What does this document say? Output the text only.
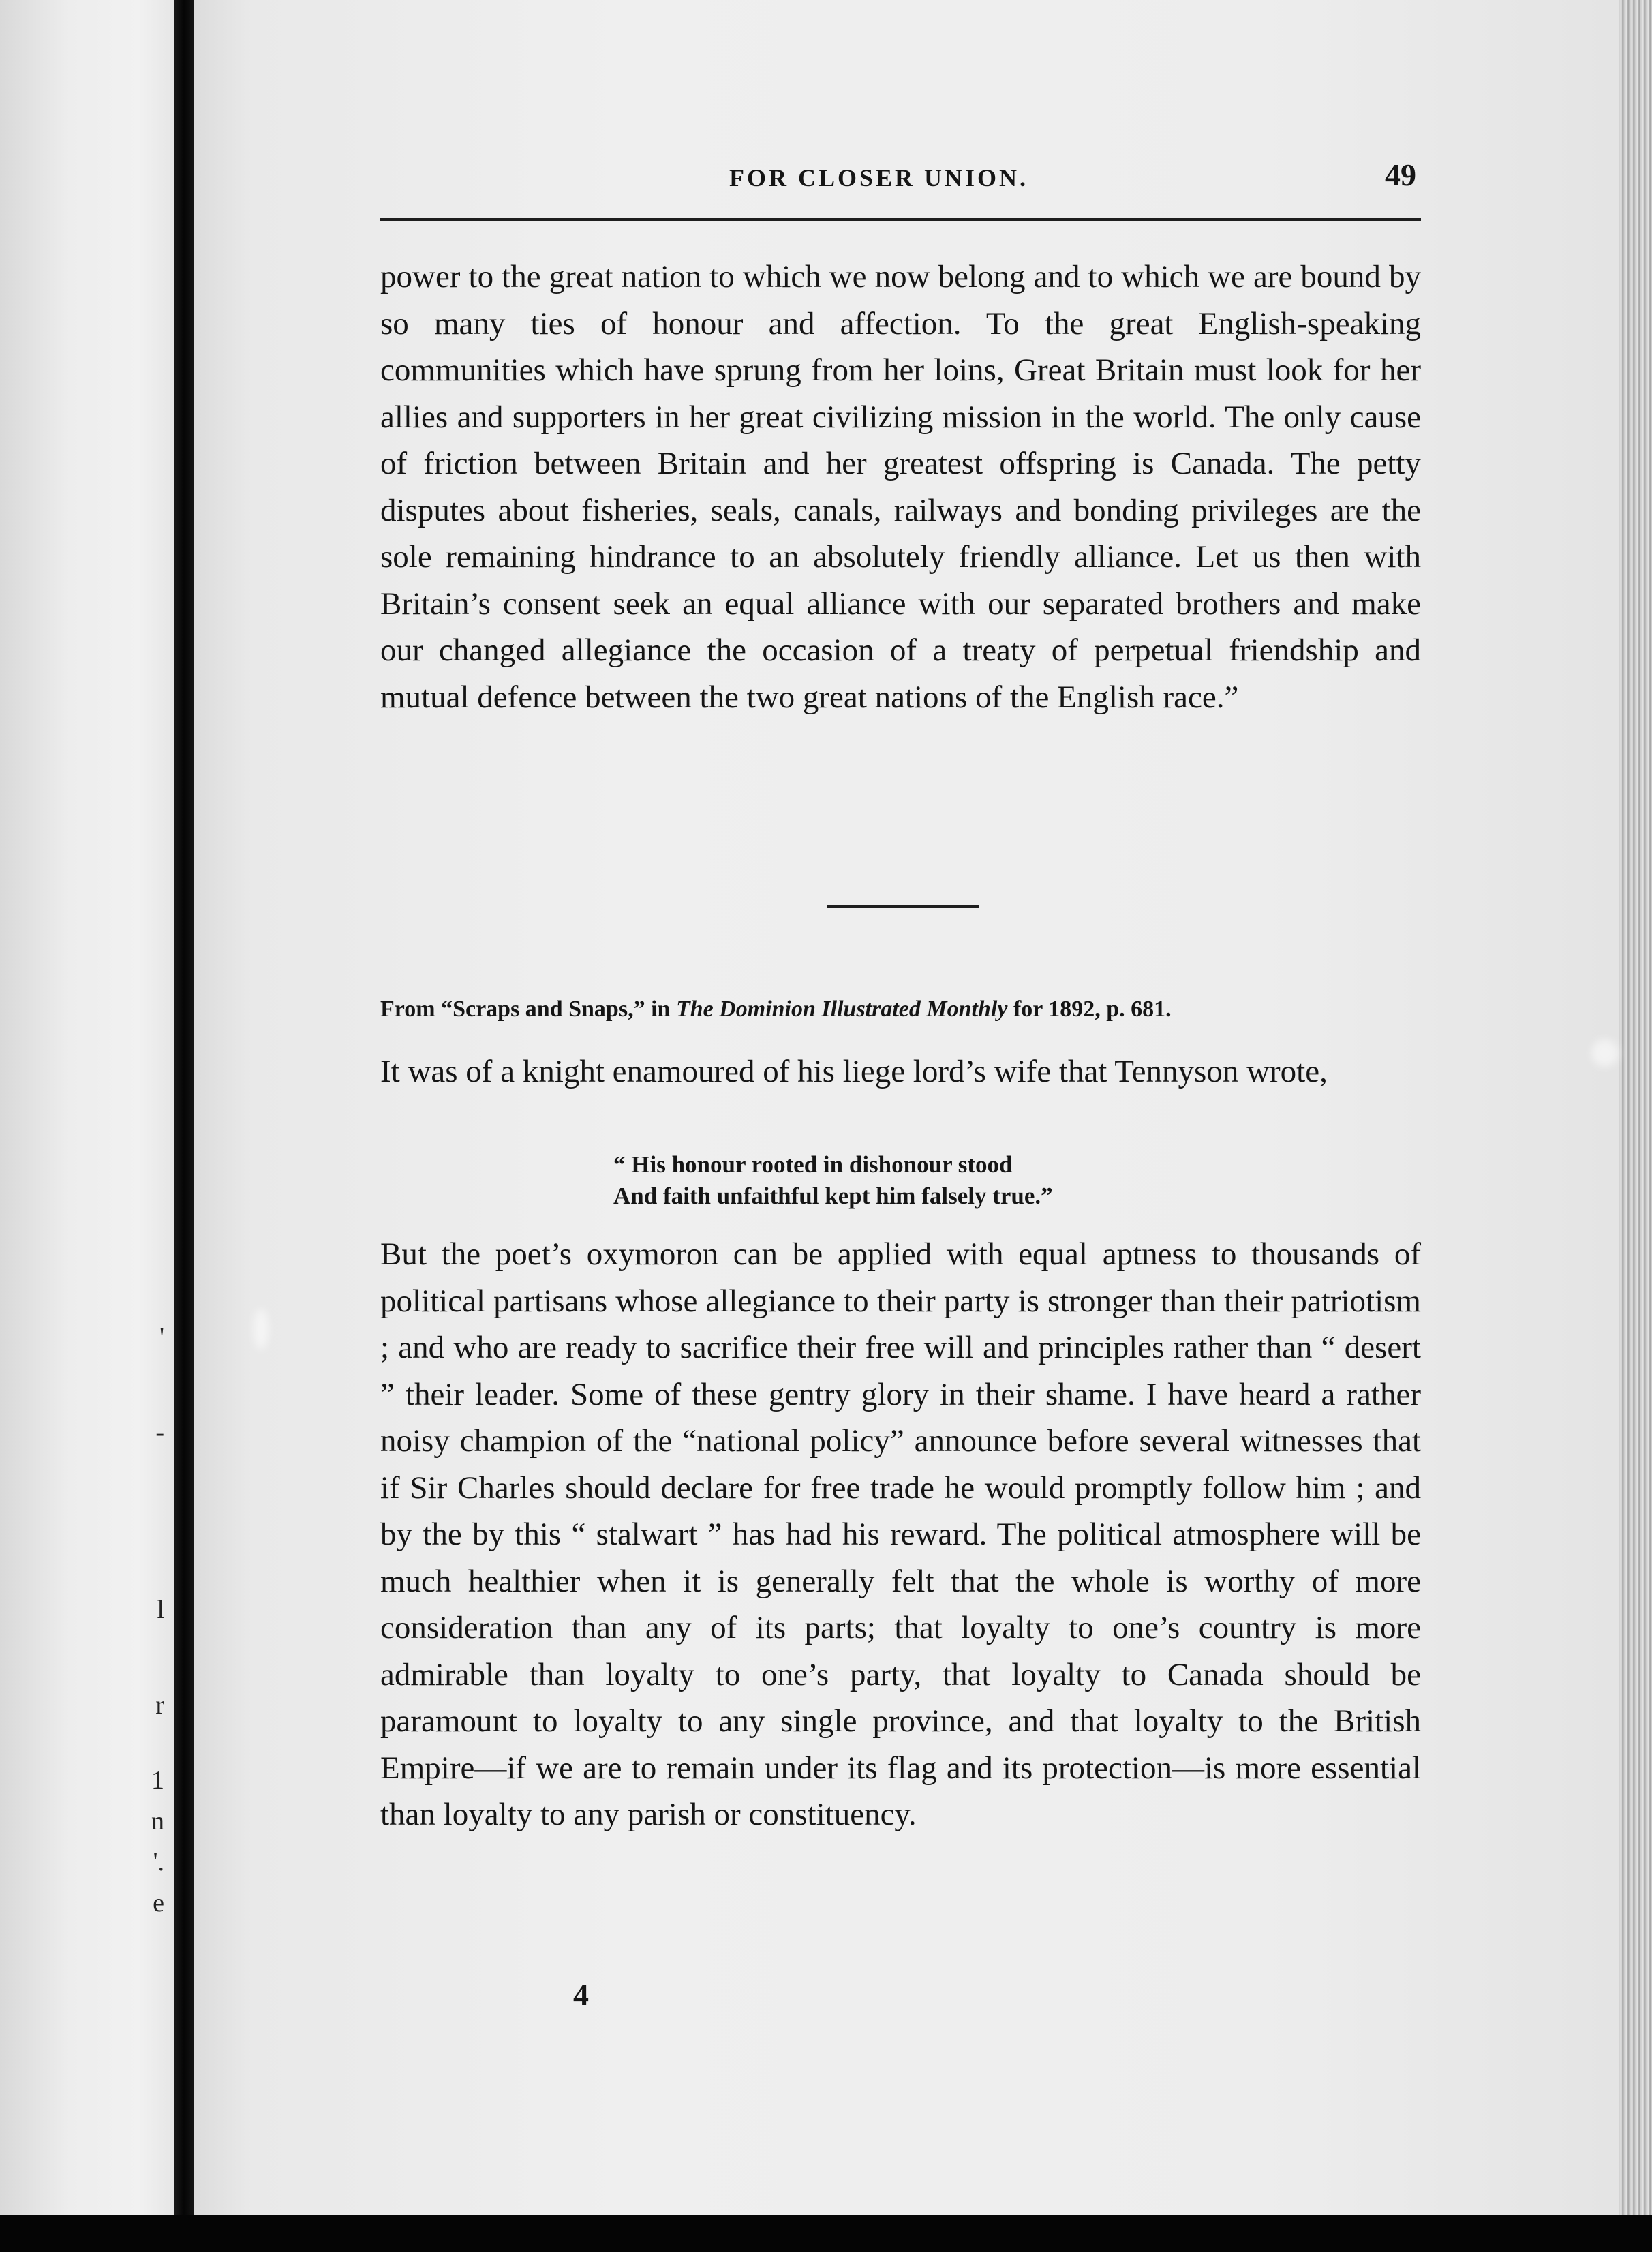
'
-
l
r
1
n
'.
e
FOR CLOSER UNION.	49

power to the great nation to which we now belong and to which we are bound by so many ties of honour and affection. To the great English-speaking communities which have sprung from her loins, Great Britain must look for her allies and supporters in her great civilizing mission in the world. The only cause of friction between Britain and her greatest offspring is Canada. The petty disputes about fisheries, seals, canals, railways and bonding privileges are the sole remaining hindrance to an absolutely friendly alliance. Let us then with Britain’s consent seek an equal alliance with our separated brothers and make our changed allegiance the occasion of a treaty of perpetual friendship and mutual defence between the two great nations of the English race.”

From “Scraps and Snaps,” in The Dominion Illustrated Monthly for 1892, p. 681.

It was of a knight enamoured of his liege lord’s wife that Tennyson wrote,

“ His honour rooted in dishonour stood
And faith unfaithful kept him falsely true.”

But the poet’s oxymoron can be applied with equal aptness to thousands of political partisans whose allegiance to their party is stronger than their patriotism ; and who are ready to sacrifice their free will and principles rather than “ desert ” their leader. Some of these gentry glory in their shame. I have heard a rather noisy champion of the “national policy” announce before several witnesses that if Sir Charles should declare for free trade he would promptly follow him ; and by the by this “ stalwart ” has had his reward. The political atmosphere will be much healthier when it is generally felt that the whole is worthy of more consideration than any of its parts; that loyalty to one’s country is more admirable than loyalty to one’s party, that loyalty to Canada should be paramount to loyalty to any single province, and that loyalty to the British Empire—if we are to remain under its flag and its protection—is more essential than loyalty to any parish or constituency.

4
